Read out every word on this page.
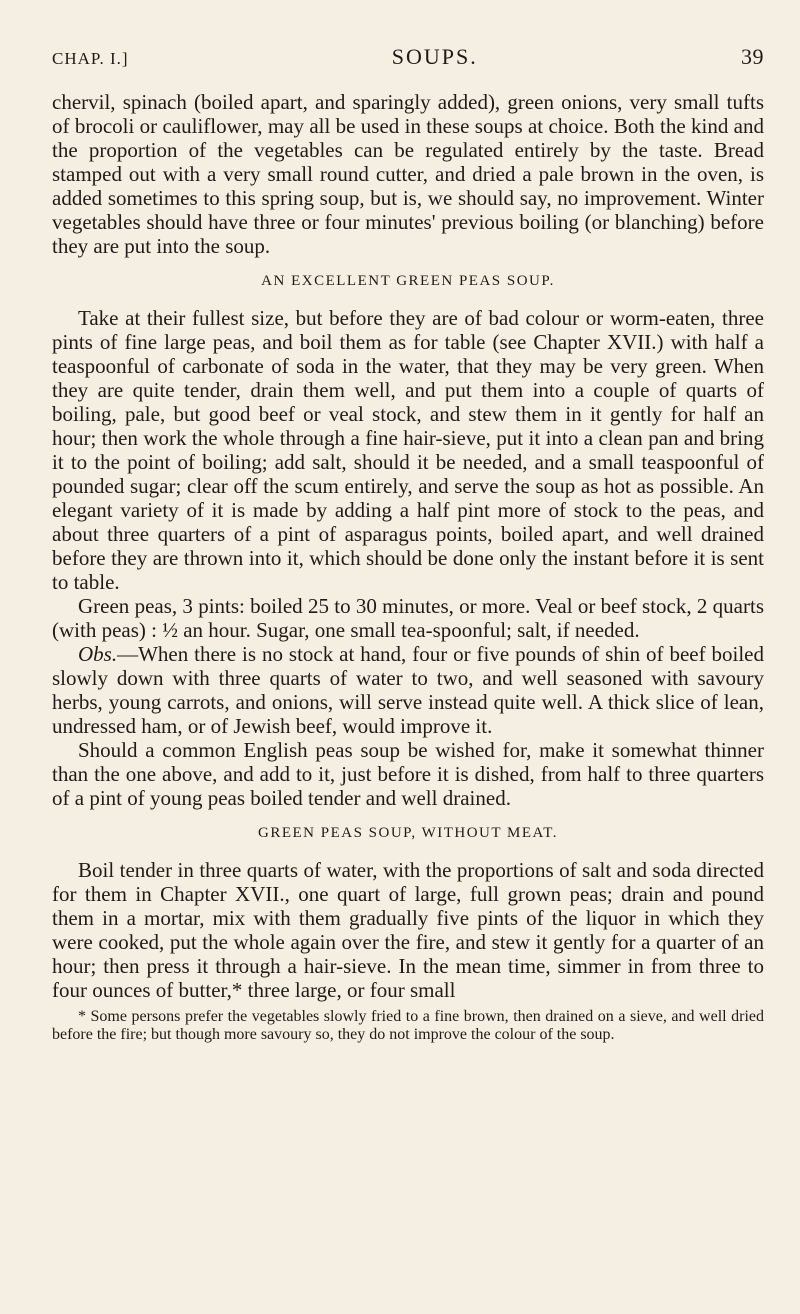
CHAP. I.]	SOUPS.	39

chervil, spinach (boiled apart, and sparingly added), green onions, very small tufts of brocoli or cauliflower, may all be used in these soups at choice. Both the kind and the proportion of the vegetables can be regulated entirely by the taste. Bread stamped out with a very small round cutter, and dried a pale brown in the oven, is added sometimes to this spring soup, but is, we should say, no improvement. Winter vegetables should have three or four minutes' previous boiling (or blanching) before they are put into the soup.

AN EXCELLENT GREEN PEAS SOUP.

Take at their fullest size, but before they are of bad colour or worm-eaten, three pints of fine large peas, and boil them as for table (see Chapter XVII.) with half a teaspoonful of carbonate of soda in the water, that they may be very green. When they are quite tender, drain them well, and put them into a couple of quarts of boiling, pale, but good beef or veal stock, and stew them in it gently for half an hour; then work the whole through a fine hair-sieve, put it into a clean pan and bring it to the point of boiling; add salt, should it be needed, and a small teaspoonful of pounded sugar; clear off the scum entirely, and serve the soup as hot as possible. An elegant variety of it is made by adding a half pint more of stock to the peas, and about three quarters of a pint of asparagus points, boiled apart, and well drained before they are thrown into it, which should be done only the instant before it is sent to table.

Green peas, 3 pints: boiled 25 to 30 minutes, or more. Veal or beef stock, 2 quarts (with peas) : ½ an hour. Sugar, one small tea-spoonful; salt, if needed.

Obs.—When there is no stock at hand, four or five pounds of shin of beef boiled slowly down with three quarts of water to two, and well seasoned with savoury herbs, young carrots, and onions, will serve instead quite well. A thick slice of lean, undressed ham, or of Jewish beef, would improve it.

Should a common English peas soup be wished for, make it somewhat thinner than the one above, and add to it, just before it is dished, from half to three quarters of a pint of young peas boiled tender and well drained.

GREEN PEAS SOUP, WITHOUT MEAT.

Boil tender in three quarts of water, with the proportions of salt and soda directed for them in Chapter XVII., one quart of large, full grown peas; drain and pound them in a mortar, mix with them gradually five pints of the liquor in which they were cooked, put the whole again over the fire, and stew it gently for a quarter of an hour; then press it through a hair-sieve. In the mean time, simmer in from three to four ounces of butter,* three large, or four small

* Some persons prefer the vegetables slowly fried to a fine brown, then drained on a sieve, and well dried before the fire; but though more savoury so, they do not improve the colour of the soup.
